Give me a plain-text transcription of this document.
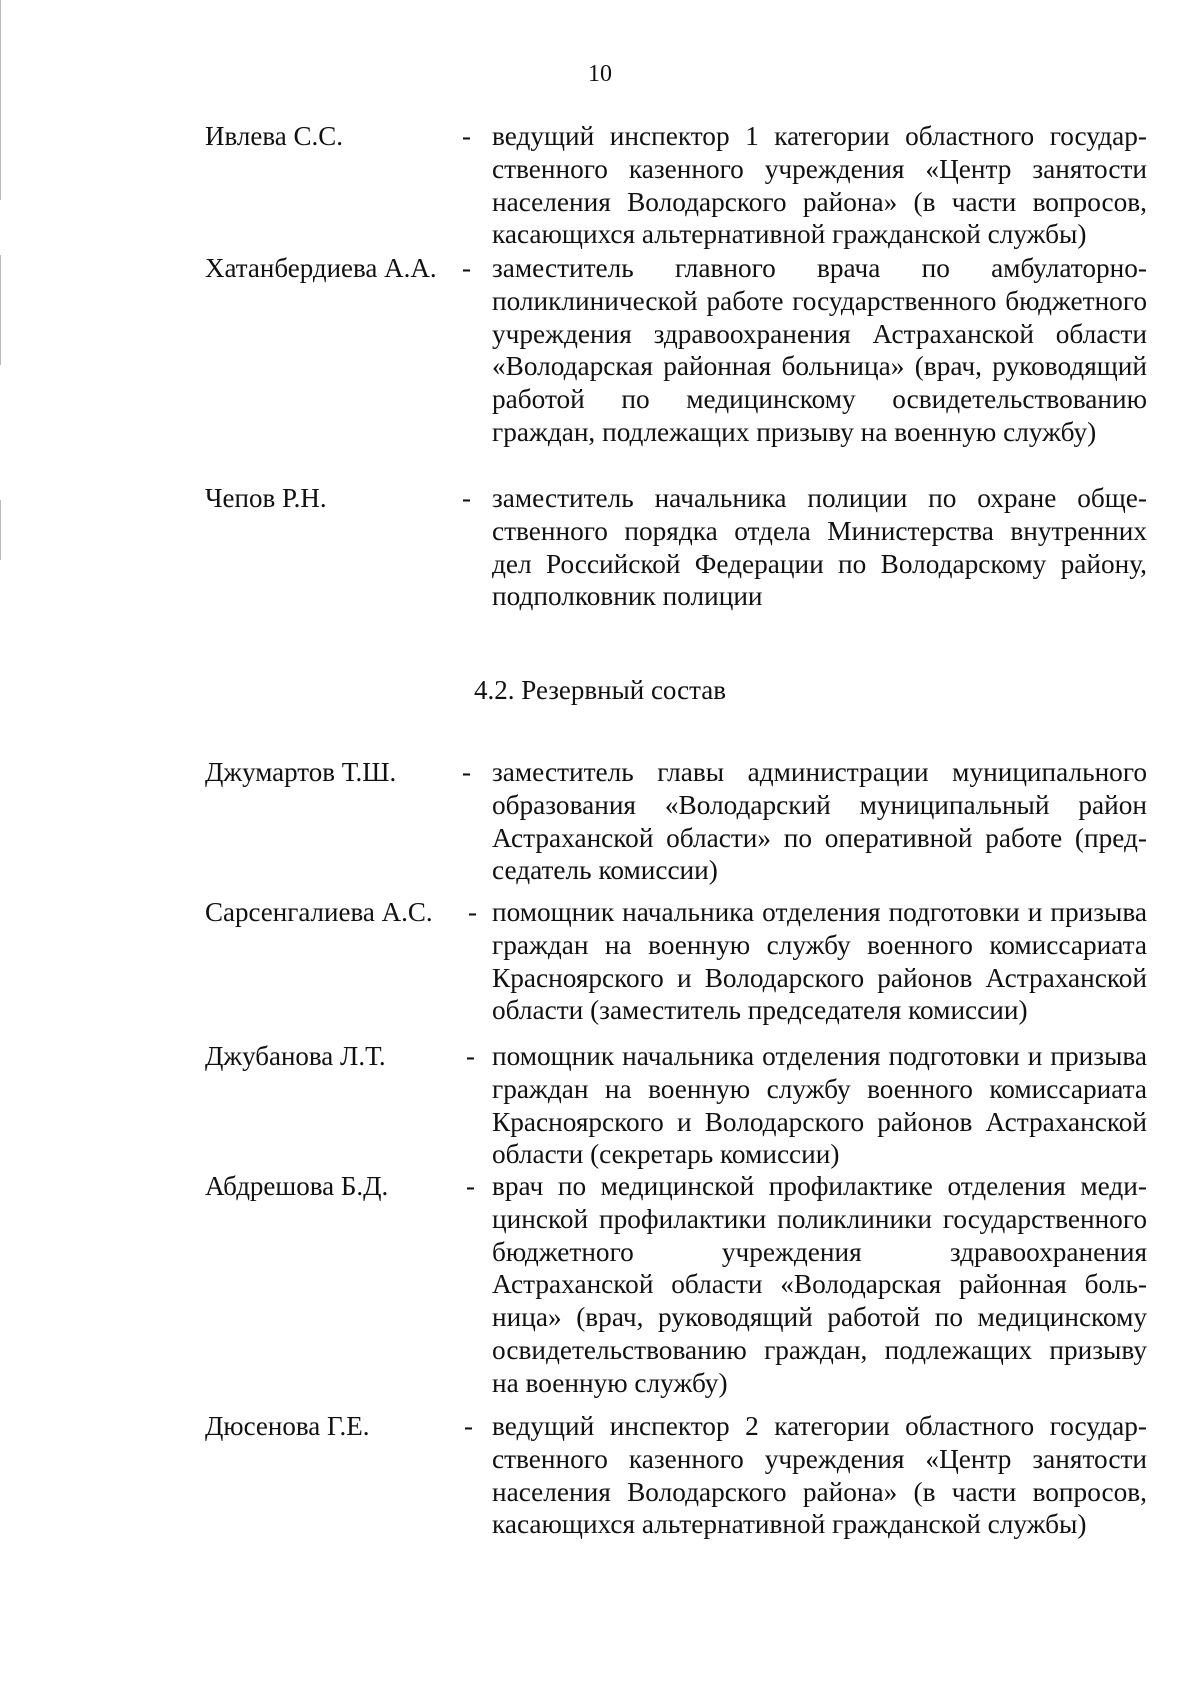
10
Ивлева С.С.	- ведущий инспектор 1 категории областного государственного казенного учреждения «Центр занятости населения Володарского района» (в части вопросов, касающихся альтернативной гражданской службы)
Хатанбердиева А.А. - заместитель главного врача по амбулаторно-поликлинической работе государственного бюджетного учреждения здравоохранения Астраханской области «Володарская районная больница» (врач, руководящий работой по медицинскому освидетельствованию граждан, подлежащих призыву на военную службу)
Чепов Р.Н.	- заместитель начальника полиции по охране общественного порядка отдела Министерства внутренних дел Российской Федерации по Володарскому району, подполковник полиции
4.2. Резервный состав
Джумартов Т.Ш. - заместитель главы администрации муниципального образования «Володарский муниципальный район Астраханской области» по оперативной работе (председатель комиссии)
Сарсенгалиева А.С. - помощник начальника отделения подготовки и призыва граждан на военную службу военного комиссариата Красноярского и Володарского районов Астраханской области (заместитель председателя комиссии)
Джубанова Л.Т.	- помощник начальника отделения подготовки и призыва граждан на военную службу военного комиссариата Красноярского и Володарского районов Астраханской области (секретарь комиссии)
Абдрешова Б.Д.	- врач по медицинской профилактике отделения медицинской профилактики поликлиники государственного бюджетного учреждения здравоохранения Астраханской области «Володарская районная больница» (врач, руководящий работой по медицинскому освидетельствованию граждан, подлежащих призыву на военную службу)
Дюсенова Г.Е.	- ведущий инспектор 2 категории областного государственного казенного учреждения «Центр занятости населения Володарского района» (в части вопросов, касающихся альтернативной гражданской службы)
